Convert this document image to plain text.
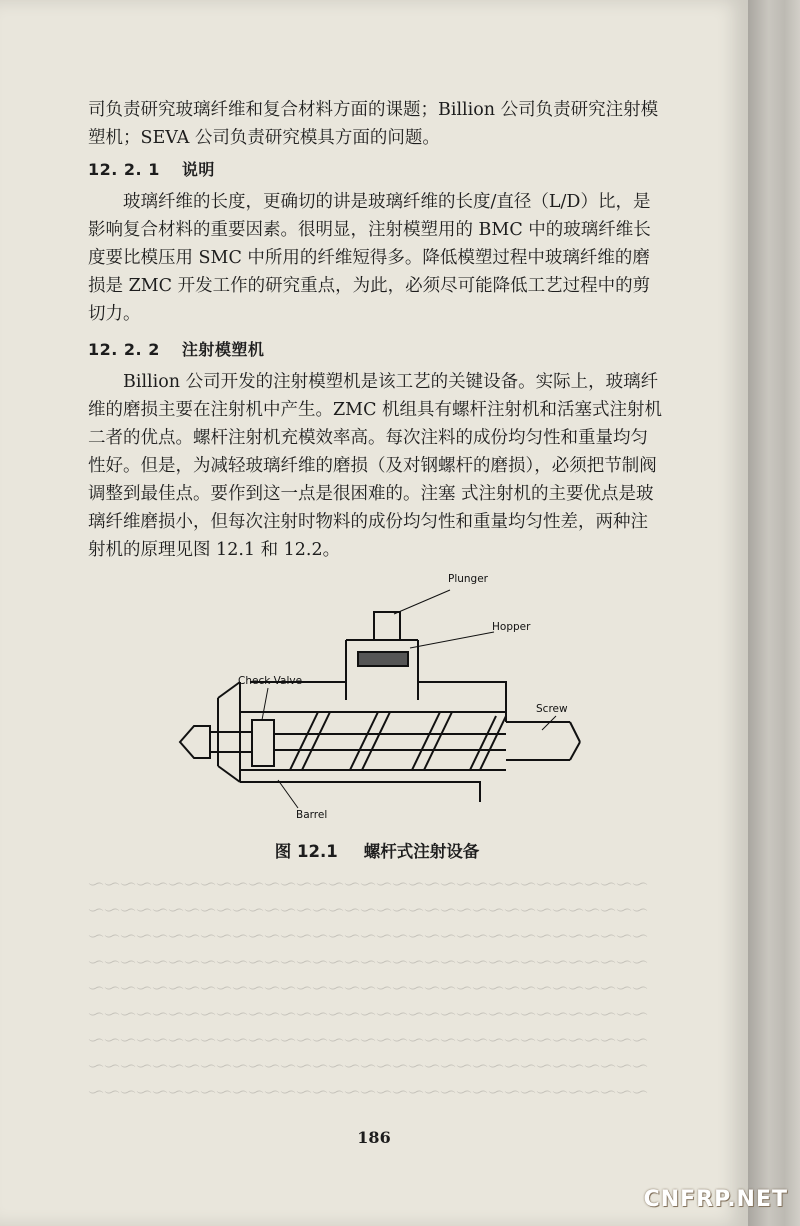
司负责研究玻璃纤维和复合材料方面的课题；Billion 公司负责研究注射模
塑机；SEVA 公司负责研究模具方面的问题。

12. 2. 1 说明

玻璃纤维的长度，更确切的讲是玻璃纤维的长度/直径（L/D）比，是
影响复合材料的重要因素。很明显，注射模塑用的 BMC 中的玻璃纤维长
度要比模压用 SMC 中所用的纤维短得多。降低模塑过程中玻璃纤维的磨
损是 ZMC 开发工作的研究重点，为此，必须尽可能降低工艺过程中的剪
切力。

12. 2. 2 注射模塑机

Billion 公司开发的注射模塑机是该工艺的关键设备。实际上，玻璃纤
维的磨损主要在注射机中产生。ZMC 机组具有螺杆注射机和活塞式注射机
二者的优点。螺杆注射机充模效率高。每次注料的成份均匀性和重量均匀
性好。但是，为减轻玻璃纤维的磨损（及对钢螺杆的磨损），必须把节制阀
调整到最佳点。要作到这一点是很困难的。注塞 式注射机的主要优点是玻
璃纤维磨损小，但每次注射时物料的成份均匀性和重量均匀性差，两种注
射机的原理见图 12.1 和 12.2。

Plunger
Hopper
Check Valve
Screw
Barrel
图 12.1 螺杆式注射设备
〜〜〜〜〜〜〜〜〜〜〜〜〜〜〜〜〜〜〜〜〜〜〜〜〜〜〜〜〜〜〜〜〜〜〜
〜〜〜〜〜〜〜〜〜〜〜〜〜〜〜〜〜〜〜〜〜〜〜〜〜〜〜〜〜〜〜〜〜〜〜
〜〜〜〜〜〜〜〜〜〜〜〜〜〜〜〜〜〜〜〜〜〜〜〜〜〜〜〜〜〜〜〜〜〜〜
〜〜〜〜〜〜〜〜〜〜〜〜〜〜〜〜〜〜〜〜〜〜〜〜〜〜〜〜〜〜〜〜〜〜〜
〜〜〜〜〜〜〜〜〜〜〜〜〜〜〜〜〜〜〜〜〜〜〜〜〜〜〜〜〜〜〜〜〜〜〜
〜〜〜〜〜〜〜〜〜〜〜〜〜〜〜〜〜〜〜〜〜〜〜〜〜〜〜〜〜〜〜〜〜〜〜
〜〜〜〜〜〜〜〜〜〜〜〜〜〜〜〜〜〜〜〜〜〜〜〜〜〜〜〜〜〜〜〜〜〜〜
〜〜〜〜〜〜〜〜〜〜〜〜〜〜〜〜〜〜〜〜〜〜〜〜〜〜〜〜〜〜〜〜〜〜〜
〜〜〜〜〜〜〜〜〜〜〜〜〜〜〜〜〜〜〜〜〜〜〜〜〜〜〜〜〜〜〜〜〜〜〜
186
CNFRP.NET
